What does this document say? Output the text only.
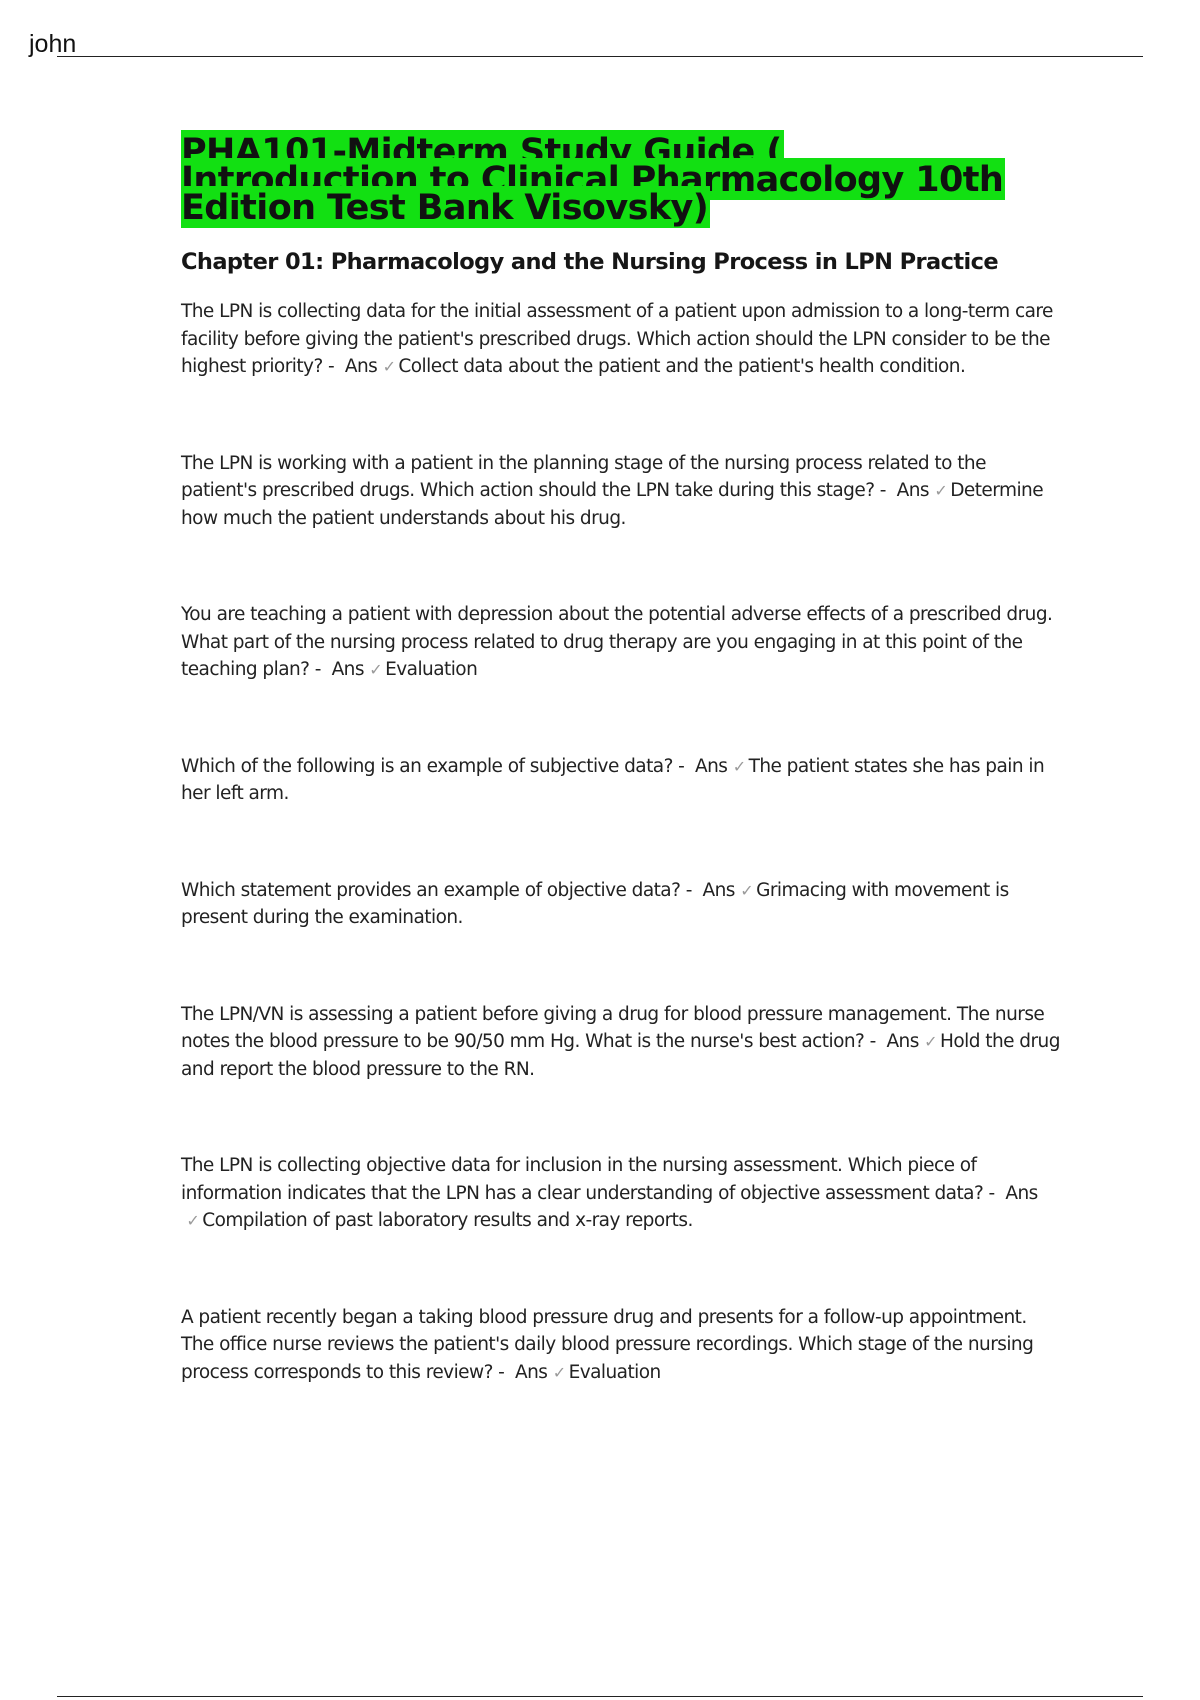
john
PHA101-Midterm Study Guide ( Introduction to Clinical Pharmacology 10th Edition Test Bank Visovsky)
Chapter 01: Pharmacology and the Nursing Process in LPN Practice
The LPN is collecting data for the initial assessment of a patient upon admission to a long-term care facility before giving the patient's prescribed drugs. Which action should the LPN consider to be the highest priority? - Ans ✓ Collect data about the patient and the patient's health condition.
The LPN is working with a patient in the planning stage of the nursing process related to the patient's prescribed drugs. Which action should the LPN take during this stage? - Ans ✓ Determine how much the patient understands about his drug.
You are teaching a patient with depression about the potential adverse effects of a prescribed drug. What part of the nursing process related to drug therapy are you engaging in at this point of the teaching plan? - Ans ✓ Evaluation
Which of the following is an example of subjective data? - Ans ✓ The patient states she has pain in her left arm.
Which statement provides an example of objective data? - Ans ✓ Grimacing with movement is present during the examination.
The LPN/VN is assessing a patient before giving a drug for blood pressure management. The nurse notes the blood pressure to be 90/50 mm Hg. What is the nurse's best action? - Ans ✓ Hold the drug and report the blood pressure to the RN.
The LPN is collecting objective data for inclusion in the nursing assessment. Which piece of information indicates that the LPN has a clear understanding of objective assessment data? - Ans ✓ Compilation of past laboratory results and x-ray reports.
A patient recently began a taking blood pressure drug and presents for a follow-up appointment. The office nurse reviews the patient's daily blood pressure recordings. Which stage of the nursing process corresponds to this review? - Ans ✓ Evaluation
